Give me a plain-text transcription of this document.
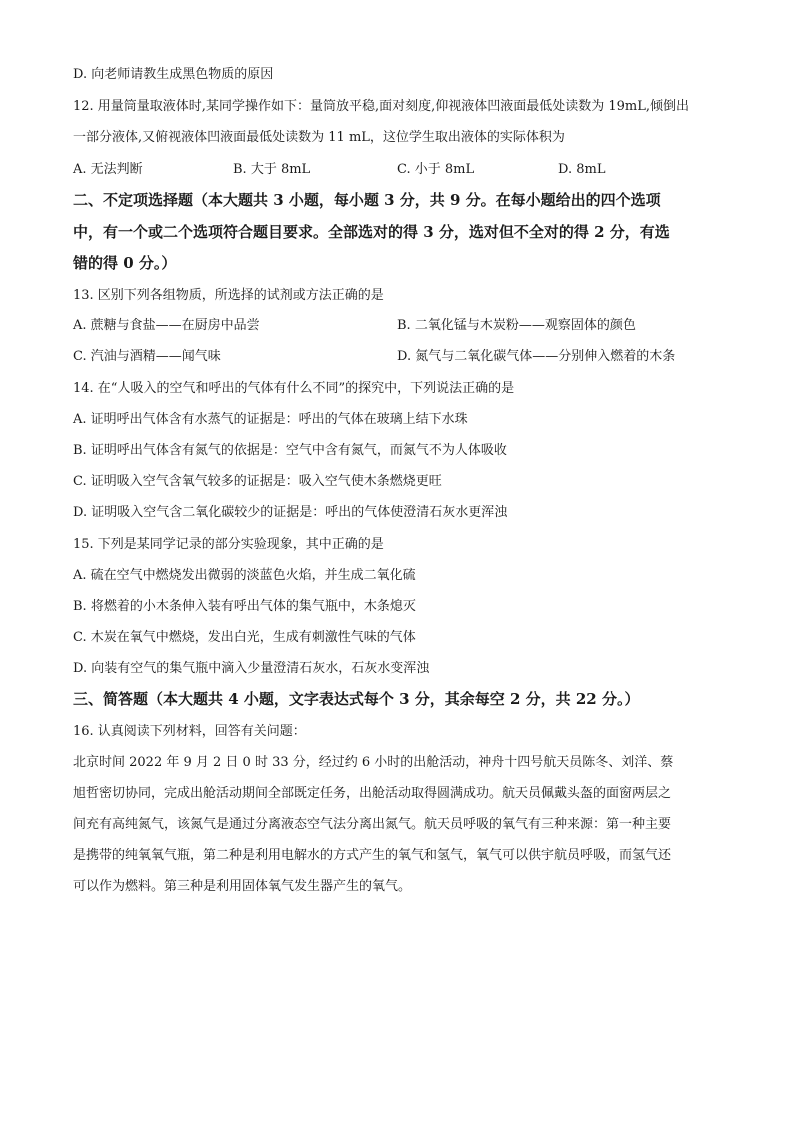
D. 向老师请教生成黑色物质的原因
12. 用量筒量取液体时,某同学操作如下：量筒放平稳,面对刻度,仰视液体凹液面最低处读数为 19mL,倾倒出
一部分液体,又俯视液体凹液面最低处读数为 11 mL，这位学生取出液体的实际体积为
A. 无法判断	B. 大于 8mL	C. 小于 8mL	D. 8mL
二、不定项选择题（本大题共 3 小题，每小题 3 分，共 9 分。在每小题给出的四个选项
中，有一个或二个选项符合题目要求。全部选对的得 3 分，选对但不全对的得 2 分，有选
错的得 0 分。）
13. 区别下列各组物质，所选择的试剂或方法正确的是
A. 蔗糖与食盐——在厨房中品尝	B. 二氧化锰与木炭粉——观察固体的颜色
C. 汽油与酒精——闻气味	D. 氮气与二氧化碳气体——分别伸入燃着的木条
14. 在“人吸入的空气和呼出的气体有什么不同”的探究中，下列说法正确的是
A. 证明呼出气体含有水蒸气的证据是：呼出的气体在玻璃上结下水珠
B. 证明呼出气体含有氮气的依据是：空气中含有氮气，而氮气不为人体吸收
C. 证明吸入空气含氧气较多的证据是：吸入空气使木条燃烧更旺
D. 证明吸入空气含二氧化碳较少的证据是：呼出的气体使澄清石灰水更浑浊
15. 下列是某同学记录的部分实验现象，其中正确的是
A. 硫在空气中燃烧发出微弱的淡蓝色火焰，并生成二氧化硫
B. 将燃着的小木条伸入装有呼出气体的集气瓶中，木条熄灭
C. 木炭在氧气中燃烧，发出白光，生成有刺激性气味的气体
D. 向装有空气的集气瓶中滴入少量澄清石灰水，石灰水变浑浊
三、简答题（本大题共 4 小题，文字表达式每个 3 分，其余每空 2 分，共 22 分。）
16. 认真阅读下列材料，回答有关问题：
北京时间 2022 年 9 月 2 日 0 时 33 分，经过约 6 小时的出舱活动，神舟十四号航天员陈冬、刘洋、蔡
旭哲密切协同，完成出舱活动期间全部既定任务，出舱活动取得圆满成功。航天员佩戴头盔的面窗两层之
间充有高纯氮气，该氮气是通过分离液态空气法分离出氮气。航天员呼吸的氧气有三种来源：第一种主要
是携带的纯氧氧气瓶，第二种是利用电解水的方式产生的氧气和氢气，氧气可以供宇航员呼吸，而氢气还
可以作为燃料。第三种是利用固体氧气发生器产生的氧气。
